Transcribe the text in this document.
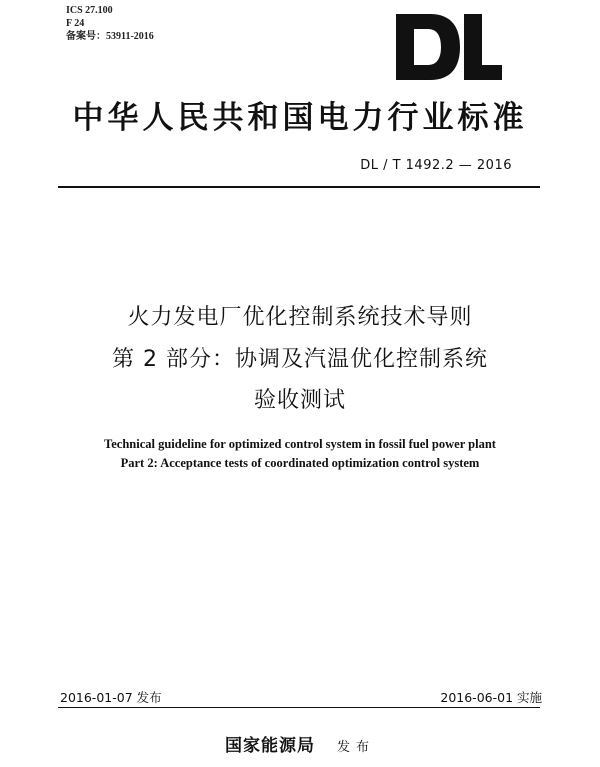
ICS 27.100
F 24
备案号：53911-2016
中华人民共和国电力行业标准
DL / T 1492.2 — 2016
火力发电厂优化控制系统技术导则
第 2 部分：协调及汽温优化控制系统
验收测试
Technical guideline for optimized control system in fossil fuel power plant
Part 2: Acceptance tests of coordinated optimization control system
2016-01-07 发布	2016-06-01 实施
国家能源局 发布
